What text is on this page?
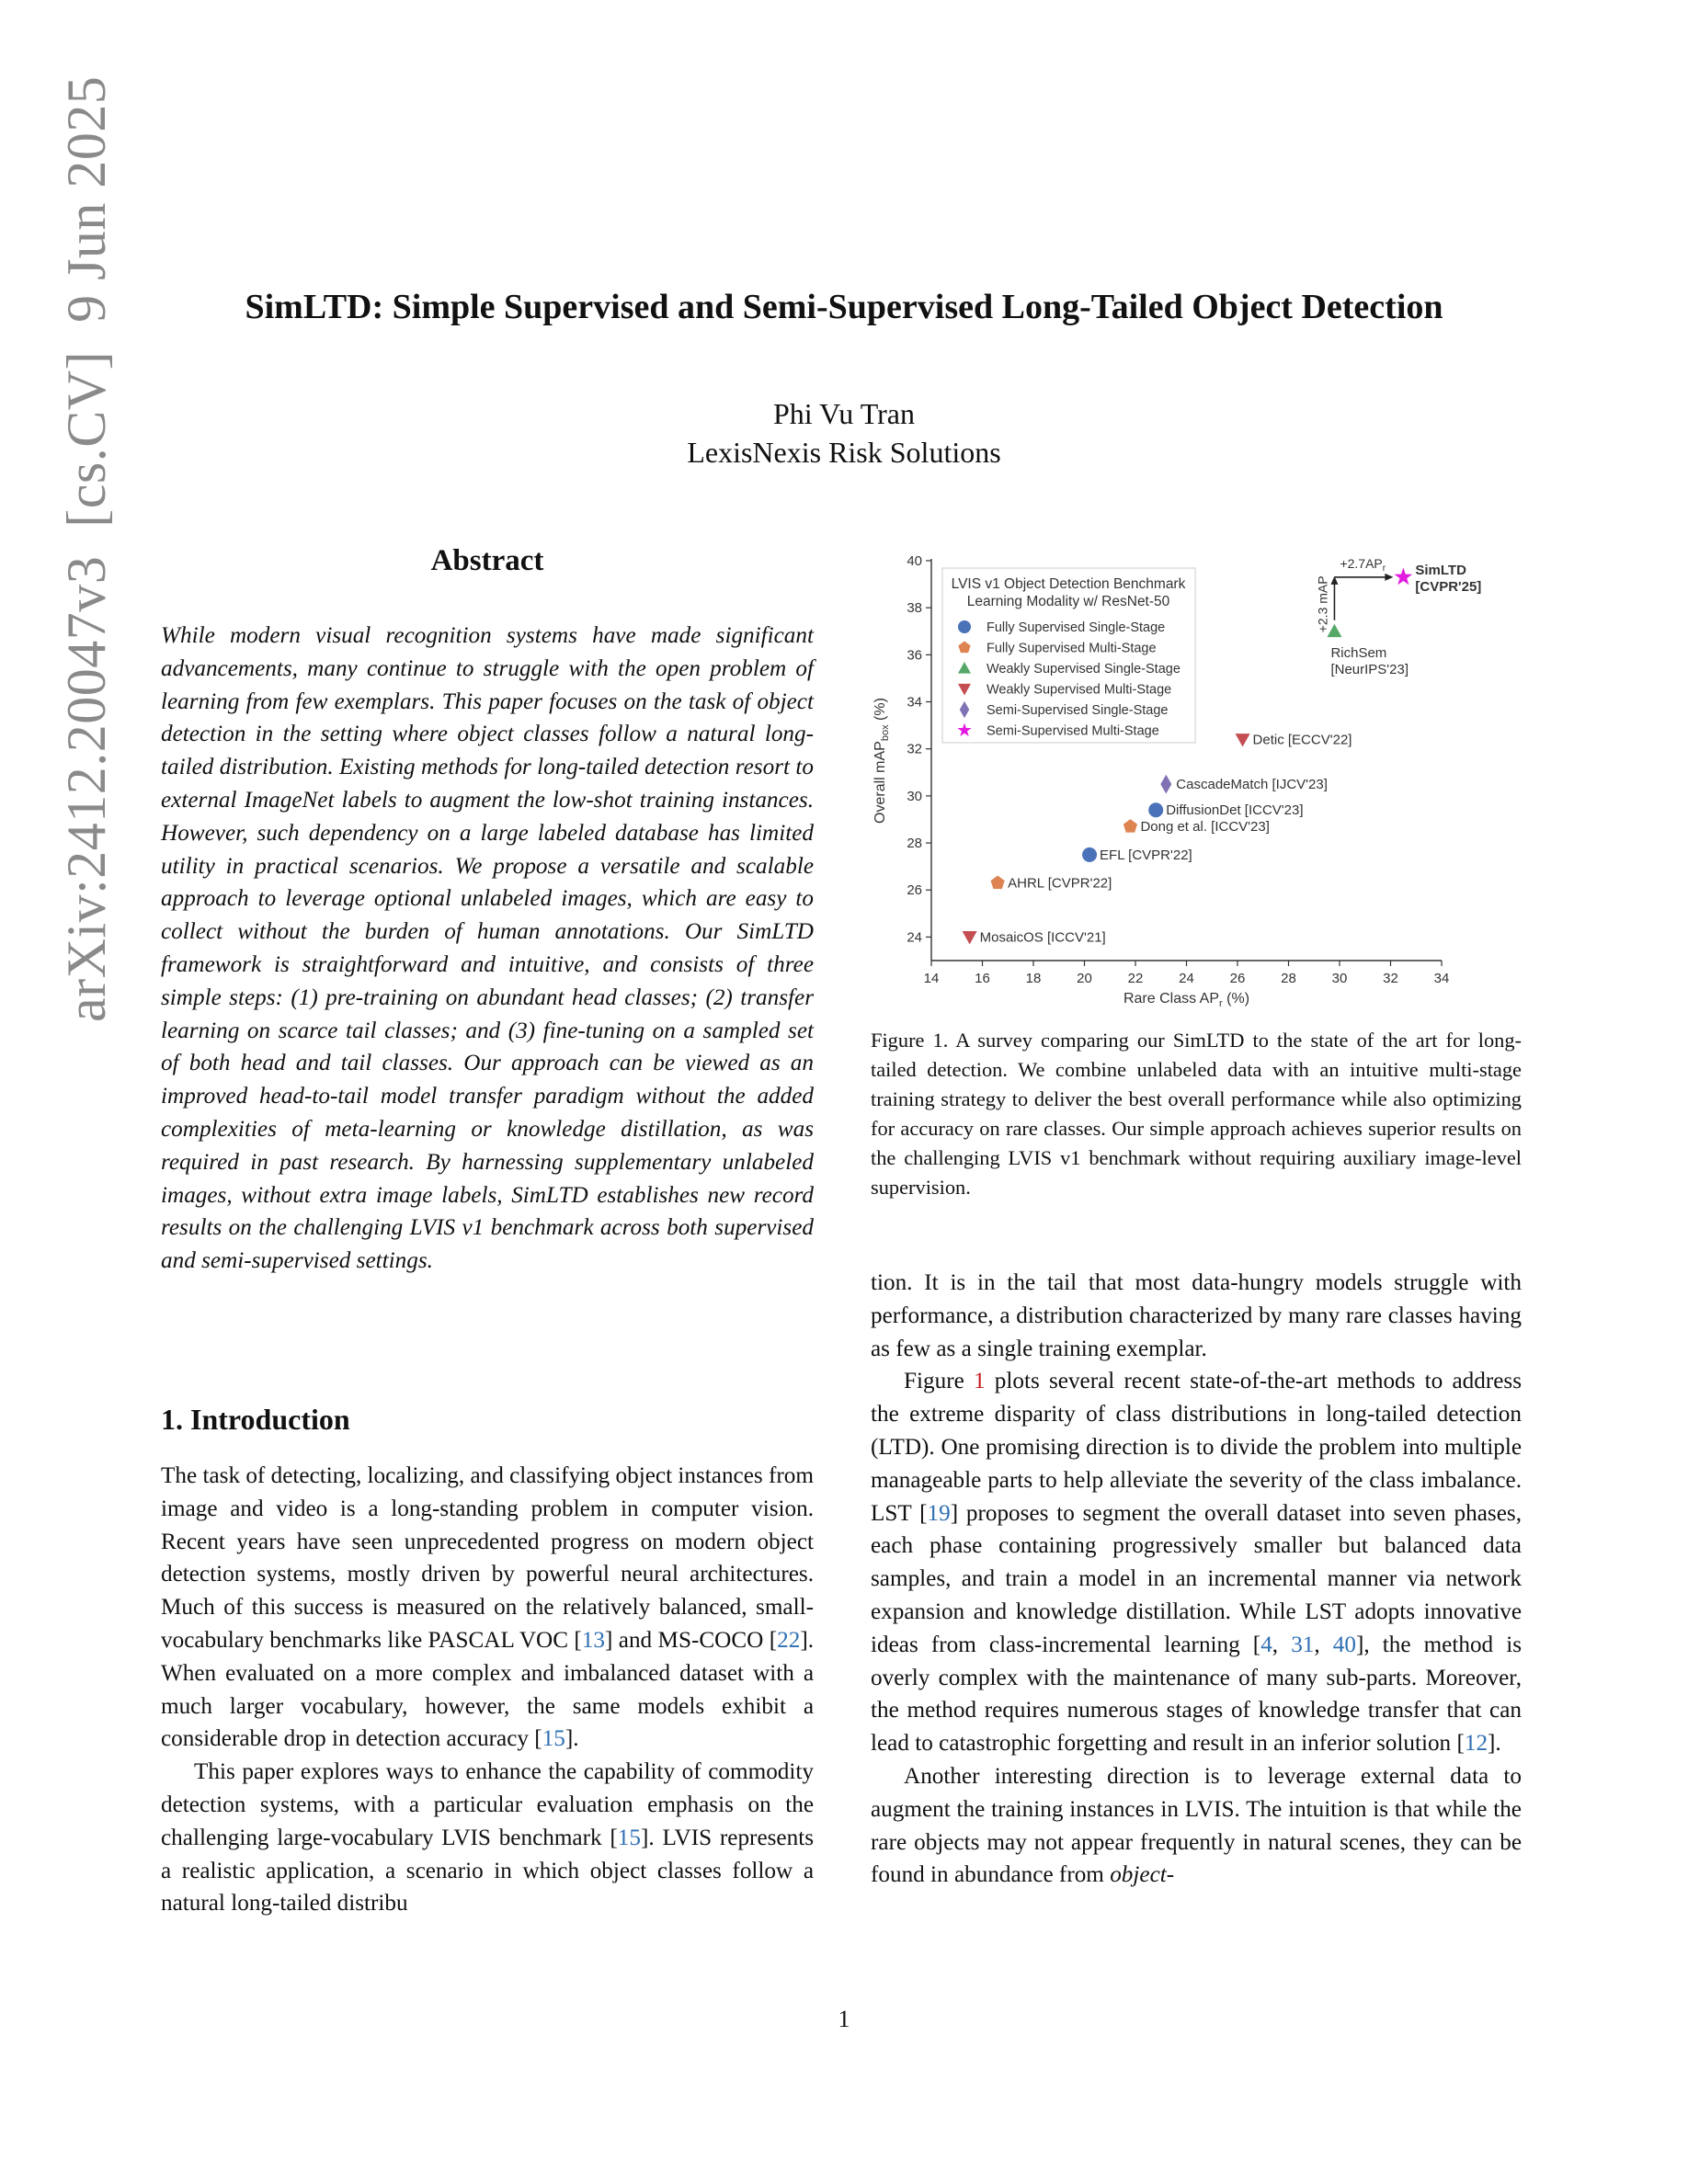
arXiv:2412.20047v3  [cs.CV]  9 Jun 2025	SimLTD: Simple Supervised and Semi-Supervised Long-Tailed Object Detection
Phi Vu Tran
LexisNexis Risk Solutions
Abstract

While modern visual recognition systems have made significant advancements, many continue to struggle with the open problem of learning from few exemplars. This paper focuses on the task of object detection in the setting where object classes follow a natural long-tailed distribution. Existing methods for long-tailed detection resort to external ImageNet labels to augment the low-shot training instances. However, such dependency on a large labeled database has limited utility in practical scenarios. We propose a versatile and scalable approach to leverage optional unlabeled images, which are easy to collect without the burden of human annotations. Our SimLTD framework is straightforward and intuitive, and consists of three simple steps: (1) pre-training on abundant head classes; (2) transfer learning on scarce tail classes; and (3) fine-tuning on a sampled set of both head and tail classes. Our approach can be viewed as an improved head-to-tail model transfer paradigm without the added complexities of meta-learning or knowledge distillation, as was required in past research. By harnessing supplementary unlabeled images, without extra image labels, SimLTD establishes new record results on the challenging LVIS v1 benchmark across both supervised and semi-supervised settings.

1. Introduction

The task of detecting, localizing, and classifying object instances from image and video is a long-standing problem in computer vision. Recent years have seen unprecedented progress on modern object detection systems, mostly driven by powerful neural architectures. Much of this success is measured on the relatively balanced, small-vocabulary benchmarks like PASCAL VOC [13] and MS-COCO [22]. When evaluated on a more complex and imbalanced dataset with a much larger vocabulary, however, the same models exhibit a considerable drop in detection accuracy [15].

This paper explores ways to enhance the capability of commodity detection systems, with a particular evaluation emphasis on the challenging large-vocabulary LVIS benchmark [15]. LVIS represents a realistic application, a scenario in which object classes follow a natural long-tailed distribu

14	16	18	20	22	24	26	28	30	32	34
24
26
28
30
32
34
36
38
40
Rare Class $AP_r$ (%)
Overall mAP$_{box}$ (%)
LVIS v1 Object Detection Benchmark
Learning Modality w/ ResNet-50
Fully Supervised Single-Stage
Fully Supervised Multi-Stage
Weakly Supervised Single-Stage
Weakly Supervised Multi-Stage
Semi-Supervised Single-Stage
Semi-Supervised Multi-Stage
MosaicOS [ICCV'21]
AHRL [CVPR'22]
EFL [CVPR'22]
Dong et al. [ICCV'23]
DiffusionDet [ICCV'23]
CascadeMatch [IJCV'23]
Detic [ECCV'22]
RichSem
[NeurIPS'23]
SimLTD
[CVPR'25]
+2.3 mAP
$+2.7AP_r$

Figure 1. A survey comparing our SimLTD to the state of the art for long-tailed detection. We combine unlabeled data with an intuitive multi-stage training strategy to deliver the best overall performance while also optimizing for accuracy on rare classes. Our simple approach achieves superior results on the challenging LVIS v1 benchmark without requiring auxiliary image-level supervision.

tion. It is in the tail that most data-hungry models struggle with performance, a distribution characterized by many rare classes having as few as a single training exemplar.

Figure 1 plots several recent state-of-the-art methods to address the extreme disparity of class distributions in long-tailed detection (LTD). One promising direction is to divide the problem into multiple manageable parts to help alleviate the severity of the class imbalance. LST [19] proposes to segment the overall dataset into seven phases, each phase containing progressively smaller but balanced data samples, and train a model in an incremental manner via network expansion and knowledge distillation. While LST adopts innovative ideas from class-incremental learning [4, 31, 40], the method is overly complex with the maintenance of many sub-parts. Moreover, the method requires numerous stages of knowledge transfer that can lead to catastrophic forgetting and result in an inferior solution [12].

Another interesting direction is to leverage external data to augment the training instances in LVIS. The intuition is that while the rare objects may not appear frequently in natural scenes, they can be found in abundance from object-

1
